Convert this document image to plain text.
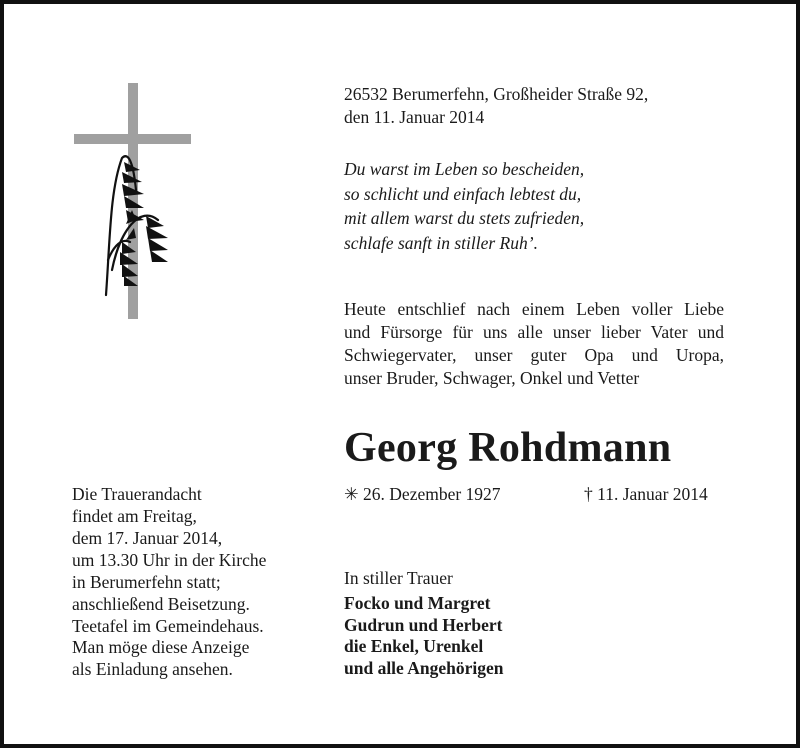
26532 Berumerfehn, Großheider Straße 92,
den 11. Januar 2014
Du warst im Leben so bescheiden,
so schlicht und einfach lebtest du,
mit allem warst du stets zufrieden,
schlafe sanft in stiller Ruh’.
Heute entschlief nach einem Leben voller Liebe
und Fürsorge für uns alle unser lieber Vater und
Schwiegervater, unser guter Opa und Uropa,
unser Bruder, Schwager, Onkel und Vetter
Georg Rohdmann
✳ 26. Dezember 1927	† 11. Januar 2014
Die Trauerandacht
findet am Freitag,
dem 17. Januar 2014,
um 13.30 Uhr in der Kirche
in Berumerfehn statt;
anschließend Beisetzung.
Teetafel im Gemeindehaus.
Man möge diese Anzeige
als Einladung ansehen.
In stiller Trauer
Focko und Margret
Gudrun und Herbert
die Enkel, Urenkel
und alle Angehörigen
